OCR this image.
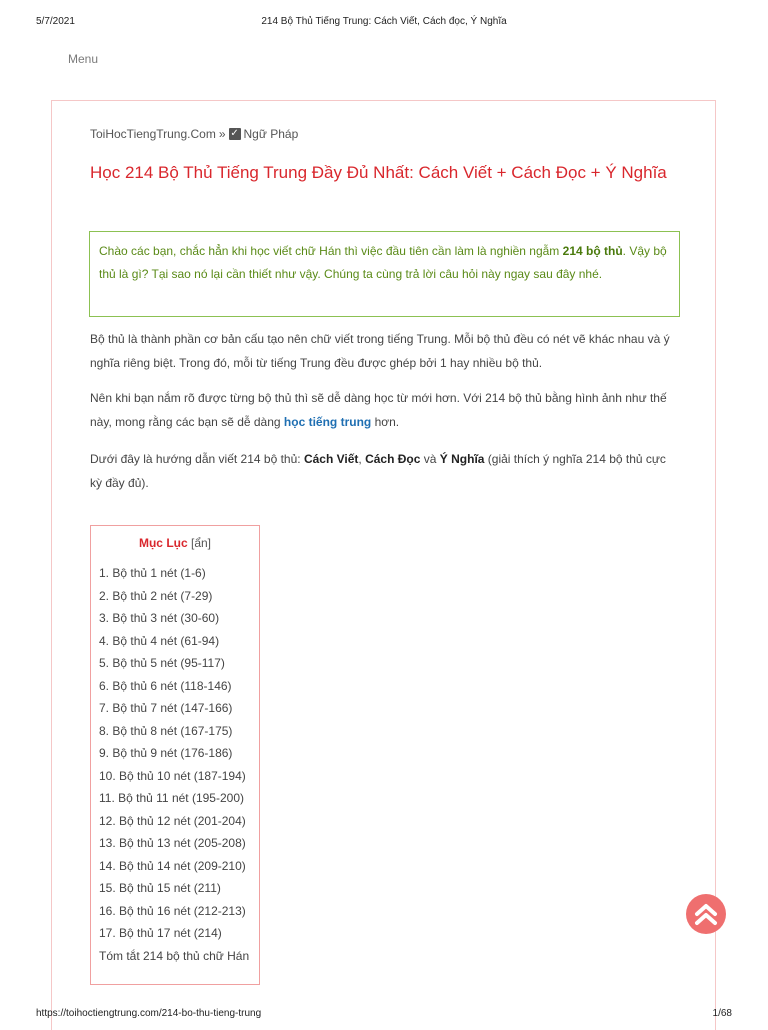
5/7/2021	214 Bộ Thủ Tiếng Trung: Cách Viết, Cách đọc, Ý Nghĩa
Menu
ToiHocTiengTrung.Com » ✓ Ngữ Pháp
Học 214 Bộ Thủ Tiếng Trung Đầy Đủ Nhất: Cách Viết + Cách Đọc + Ý Nghĩa
Chào các bạn, chắc hẳn khi học viết chữ Hán thì việc đầu tiên cần làm là nghiền ngẫm 214 bộ thủ. Vậy bộ thủ là gì? Tại sao nó lại cần thiết như vậy. Chúng ta cùng trả lời câu hỏi này ngay sau đây nhé.

Bộ thủ là thành phần cơ bản cấu tạo nên chữ viết trong tiếng Trung. Mỗi bộ thủ đều có nét vẽ khác nhau và ý nghĩa riêng biệt. Trong đó, mỗi từ tiếng Trung đều được ghép bởi 1 hay nhiều bộ thủ.

Nên khi bạn nắm rõ được từng bộ thủ thì sẽ dễ dàng học từ mới hơn. Với 214 bộ thủ bằng hình ảnh như thế này, mong rằng các bạn sẽ dễ dàng học tiếng trung hơn.

Dưới đây là hướng dẫn viết 214 bộ thủ: Cách Viết, Cách Đọc và Ý Nghĩa (giải thích ý nghĩa 214 bộ thủ cực kỳ đầy đủ).

Mục Lục [ẩn]
1. Bộ thủ 1 nét (1-6)
2. Bộ thủ 2 nét (7-29)
3. Bộ thủ 3 nét (30-60)
4. Bộ thủ 4 nét (61-94)
5. Bộ thủ 5 nét (95-117)
6. Bộ thủ 6 nét (118-146)
7. Bộ thủ 7 nét (147-166)
8. Bộ thủ 8 nét (167-175)
9. Bộ thủ 9 nét (176-186)
10. Bộ thủ 10 nét (187-194)
11. Bộ thủ 11 nét (195-200)
12. Bộ thủ 12 nét (201-204)
13. Bộ thủ 13 nét (205-208)
14. Bộ thủ 14 nét (209-210)
15. Bộ thủ 15 nét (211)
16. Bộ thủ 16 nét (212-213)
17. Bộ thủ 17 nét (214)
Tóm tắt 214 bộ thủ chữ Hán
https://toihoctiengtrung.com/214-bo-thu-tieng-trung	1/68
